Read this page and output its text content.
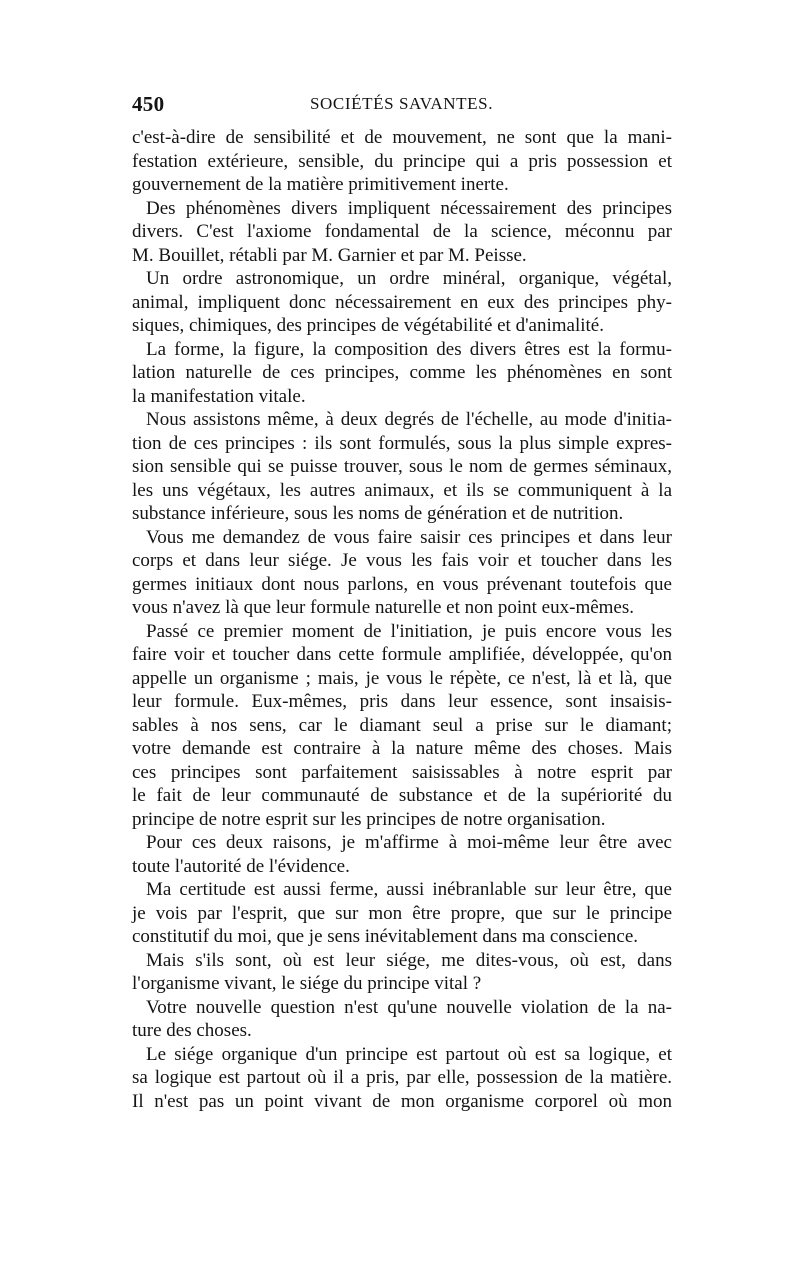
450	SOCIÉTÉS SAVANTES.
c'est-à-dire de sensibilité et de mouvement, ne sont que la mani-
festation extérieure, sensible, du principe qui a pris possession et
gouvernement de la matière primitivement inerte.
Des phénomènes divers impliquent nécessairement des principes
divers. C'est l'axiome fondamental de la science, méconnu par
M. Bouillet, rétabli par M. Garnier et par M. Peisse.
Un ordre astronomique, un ordre minéral, organique, végétal,
animal, impliquent donc nécessairement en eux des principes phy-
siques, chimiques, des principes de végétabilité et d'animalité.
La forme, la figure, la composition des divers êtres est la formu-
lation naturelle de ces principes, comme les phénomènes en sont
la manifestation vitale.
Nous assistons même, à deux degrés de l'échelle, au mode d'initia-
tion de ces principes : ils sont formulés, sous la plus simple expres-
sion sensible qui se puisse trouver, sous le nom de germes séminaux,
les uns végétaux, les autres animaux, et ils se communiquent à la
substance inférieure, sous les noms de génération et de nutrition.
Vous me demandez de vous faire saisir ces principes et dans leur
corps et dans leur siége. Je vous les fais voir et toucher dans les
germes initiaux dont nous parlons, en vous prévenant toutefois que
vous n'avez là que leur formule naturelle et non point eux-mêmes.
Passé ce premier moment de l'initiation, je puis encore vous les
faire voir et toucher dans cette formule amplifiée, développée, qu'on
appelle un organisme ; mais, je vous le répète, ce n'est, là et là, que
leur formule. Eux-mêmes, pris dans leur essence, sont insaisis-
sables à nos sens, car le diamant seul a prise sur le diamant;
votre demande est contraire à la nature même des choses. Mais
ces principes sont parfaitement saisissables à notre esprit par
le fait de leur communauté de substance et de la supériorité du
principe de notre esprit sur les principes de notre organisation.
Pour ces deux raisons, je m'affirme à moi-même leur être avec
toute l'autorité de l'évidence.
Ma certitude est aussi ferme, aussi inébranlable sur leur être, que
je vois par l'esprit, que sur mon être propre, que sur le principe
constitutif du moi, que je sens inévitablement dans ma conscience.
Mais s'ils sont, où est leur siége, me dites-vous, où est, dans
l'organisme vivant, le siége du principe vital ?
Votre nouvelle question n'est qu'une nouvelle violation de la na-
ture des choses.
Le siége organique d'un principe est partout où est sa logique, et
sa logique est partout où il a pris, par elle, possession de la matière.
Il n'est pas un point vivant de mon organisme corporel où mon
